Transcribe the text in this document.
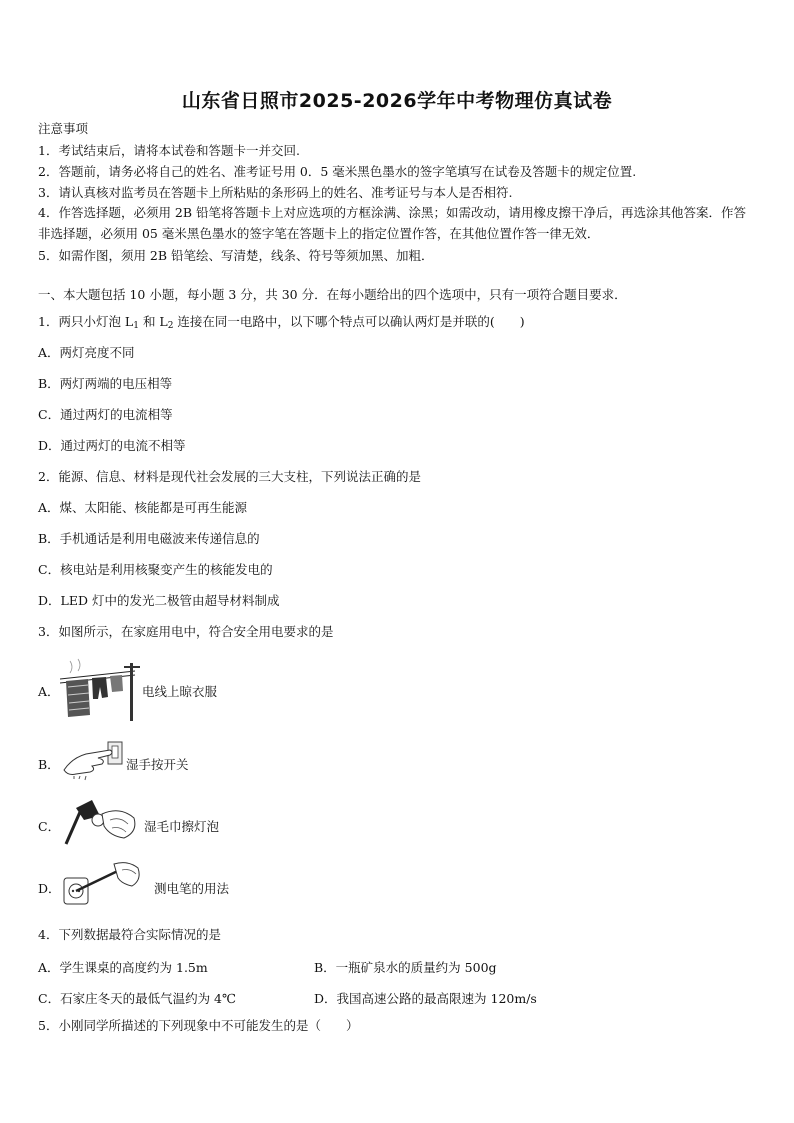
山东省日照市2025-2026学年中考物理仿真试卷
注意事项
1．考试结束后，请将本试卷和答题卡一并交回.
2．答题前，请务必将自己的姓名、准考证号用 0．5 毫米黑色墨水的签字笔填写在试卷及答题卡的规定位置.
3．请认真核对监考员在答题卡上所粘贴的条形码上的姓名、准考证号与本人是否相符.
4．作答选择题，必须用 2B 铅笔将答题卡上对应选项的方框涂满、涂黑；如需改动，请用橡皮擦干净后，再选涂其他答案．作答非选择题，必须用 05 毫米黑色墨水的签字笔在答题卡上的指定位置作答，在其他位置作答一律无效．
5．如需作图，须用 2B 铅笔绘、写清楚，线条、符号等须加黑、加粗．
一、本大题包括 10 小题，每小题 3 分，共 30 分．在每小题给出的四个选项中，只有一项符合题目要求．
1．两只小灯泡 $L_1$ 和 $L_2$ 连接在同一电路中，以下哪个特点可以确认两灯是并联的(　　)
A．两灯亮度不同
B．两灯两端的电压相等
C．通过两灯的电流相等
D．通过两灯的电流不相等
2．能源、信息、材料是现代社会发展的三大支柱，下列说法正确的是
A．煤、太阳能、核能都是可再生能源
B．手机通话是利用电磁波来传递信息的
C．核电站是利用核聚变产生的核能发电的
D．LED 灯中的发光二极管由超导材料制成
3．如图所示，在家庭用电中，符合安全用电要求的是
A．	电线上晾衣服
B．	湿手按开关
C．	湿毛巾擦灯泡
D．	测电笔的用法
4．下列数据最符合实际情况的是
A．学生课桌的高度约为 1.5m	B．一瓶矿泉水的质量约为 500g
C．石家庄冬天的最低气温约为 4℃	D．我国高速公路的最高限速为 120m/s
5．小刚同学所描述的下列现象中不可能发生的是（　　）
